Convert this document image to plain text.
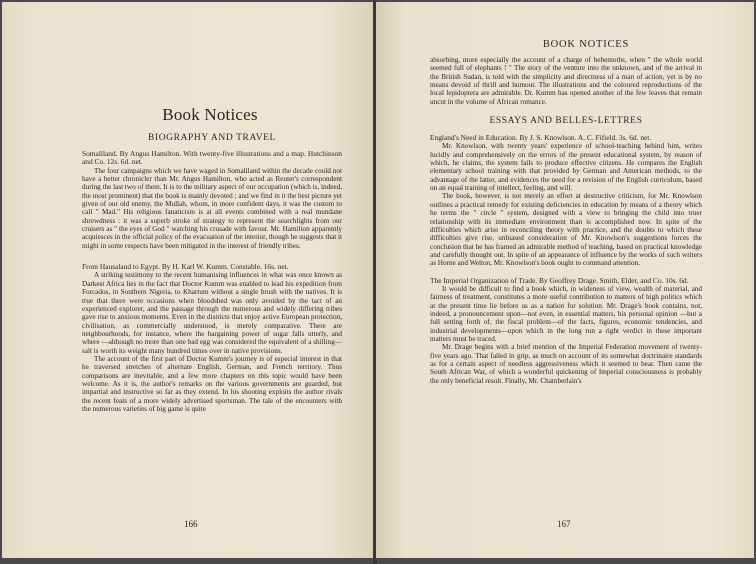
Book Notices
BIOGRAPHY AND TRAVEL
Somaliland. By Angus Hamilton. With twenty-five illustrations and a map. Hutchinson and Co. 12s. 6d. net.

The four campaigns which we have waged in Somaliland within the decade could not have a better chronicler than Mr. Angus Hamilton, who acted as Reuter's correspondent during the last two of them. It is to the military aspect of our occupation (which is, indeed, the most prominent) that the book is mainly devoted ; and we find in it the best picture yet given of our old enemy, the Mullah, whom, in more confident days, it was the custom to call " Mad." His religious fanaticism is at all events combined with a real mundane shrewdness : it was a superb stroke of strategy to represent the searchlights from our cruisers as " the eyes of God " watching his crusade with favour. Mr. Hamilton apparently acquiesces in the official policy of the evacuation of the interior, though he suggests that it might in some respects have been mitigated in the interest of friendly tribes.

From Hausaland to Egypt. By H. Karl W. Kumm. Constable. 16s. net.

A striking testimony to the recent humanising influences in what was once known as Darkest Africa lies in the fact that Doctor Kumm was enabled to lead his expedition from Forcados, in Southern Nigeria, to Khartum without a single brush with the natives. It is true that there were occasions when bloodshed was only avoided by the tact of an experienced explorer, and the passage through the numerous and widely differing tribes gave rise to anxious moments. Even in the districts that enjoy active European protection, civilisation, as commercially understood, is merely comparative. There are neighbourhoods, for instance, where the bargaining power of sugar falls utterly, and where —although no more than one bad egg was considered the equivalent of a shilling—salt is worth its weight many hundred times over in native provisions.

The account of the first part of Doctor Kumm's journey is of especial interest in that he traversed stretches of alternate English, German, and French territory. Thus comparisons are inevitable, and a few more chapters on this topic would have been welcome. As it is, the author's remarks on the various governments are guarded, but impartial and instructive so far as they extend. In his shooting exploits the author rivals the recent feats of a more widely advertised sportsman. The tale of the encounters with the numerous varieties of big game is quite

166
BOOK NOTICES

absorbing, more especially the account of a charge of behemoths, when " the whole world seemed full of elephants ! " The story of the venture into the unknown, and of the arrival in the British Sudan, is told with the simplicity and directness of a man of action, yet is by no means devoid of thrill and humour. The illustrations and the coloured reproductions of the local lepidoptera are admirable. Dr. Kumm has opened another of the few leaves that remain uncut in the volume of African romance.

ESSAYS AND BELLES-LETTRES
England's Need in Education. By J. S. Knowlson. A. C. Fifield. 3s. 6d. net.

Mr. Knowlson, with twenty years' experience of school-teaching behind him, writes lucidly and comprehensively on the errors of the present educational system, by reason of which, he claims, the system fails to produce effective citizens. He compares the English elementary school training with that provided by German and American methods, to the advantage of the latter, and evidences the need for a revision of the English curriculum, based on an equal training of intellect, feeling, and will.

The book, however, is not merely an effort at destructive criticism, for Mr. Knowlson outlines a practical remedy for existing deficiencies in education by means of a theory which he terms the " circle " system, designed with a view to bringing the child into truer relationship with its immediate environment than is accomplished now. In spite of the difficulties which arise in reconciling theory with practice, and the doubts to which these difficulties give rise, unbiased consideration of Mr. Knowlson's suggestions forces the conclusion that he has framed an admirable method of teaching, based on practical knowledge and carefully thought out. In spite of an appearance of influence by the works of such writers as Horne and Welton, Mr. Knowlson's book ought to command attention.

The Imperial Organization of Trade. By Geoffrey Drage. Smith, Elder, and Co. 10s. 6d.

It would be difficult to find a book which, in wideness of view, wealth of material, and fairness of treatment, constitutes a more useful contribution to matters of high politics which at the present time lie before us as a nation for solution. Mr. Drage's book contains, not, indeed, a pronouncement upon—not even, in essential matters, his personal opinion —but a full setting forth of, the fiscal problem—of the facts, figures, economic tendencies, and industrial developments—upon which in the long run a right verdict in these important matters must be traced.

Mr. Drage begins with a brief mention of the Imperial Federation movement of twenty-five years ago. That failed in grip, as much on account of its somewhat doctrinaire standards as for a certain aspect of needless aggressiveness which it seemed to bear. Then came the South African War, of which a wonderful quickening of Imperial consciousness is probably the only beneficial result. Finally, Mr. Chamberlain's

167
